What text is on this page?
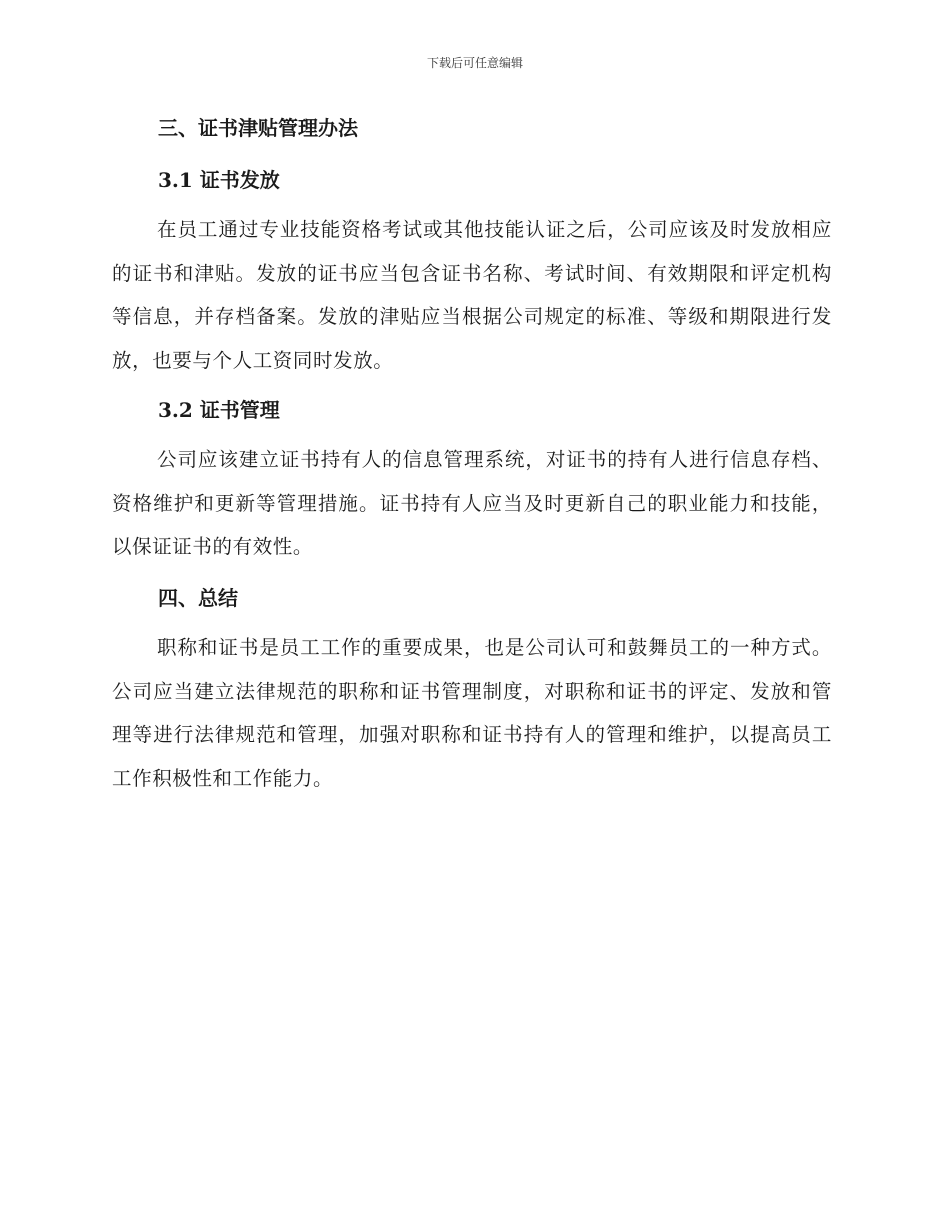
下载后可任意编辑
三、证书津贴管理办法
3.1 证书发放
在员工通过专业技能资格考试或其他技能认证之后，公司应该及时发放相应的证书和津贴。发放的证书应当包含证书名称、考试时间、有效期限和评定机构等信息，并存档备案。发放的津贴应当根据公司规定的标准、等级和期限进行发放，也要与个人工资同时发放。
3.2 证书管理
公司应该建立证书持有人的信息管理系统，对证书的持有人进行信息存档、资格维护和更新等管理措施。证书持有人应当及时更新自己的职业能力和技能，以保证证书的有效性。
四、总结
职称和证书是员工工作的重要成果，也是公司认可和鼓舞员工的一种方式。公司应当建立法律规范的职称和证书管理制度，对职称和证书的评定、发放和管理等进行法律规范和管理，加强对职称和证书持有人的管理和维护，以提高员工工作积极性和工作能力。
